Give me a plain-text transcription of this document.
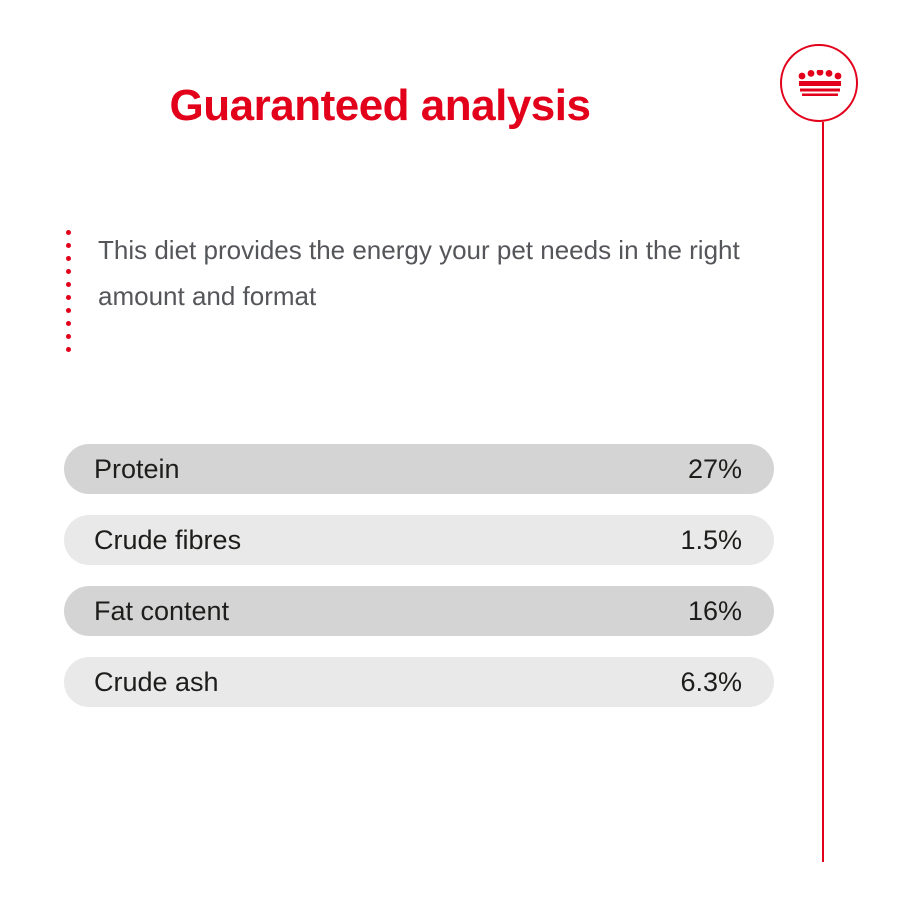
Guaranteed analysis
This diet provides the energy your pet needs in the right amount and format
Protein	27%
Crude fibres	1.5%
Fat content	16%
Crude ash	6.3%
